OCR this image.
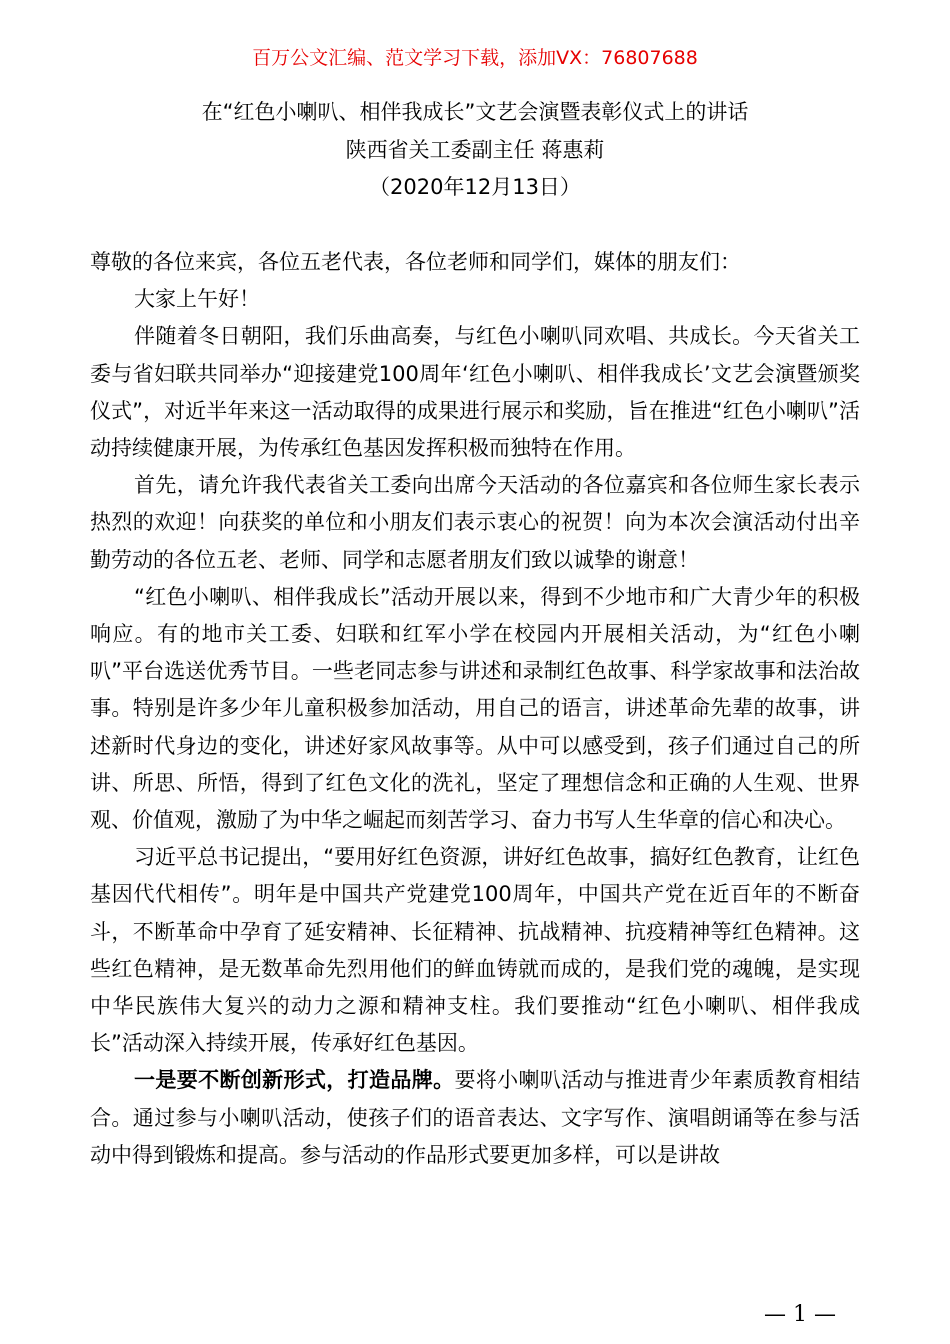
百万公文汇编、范文学习下载，添加VX：76807688
在“红色小喇叭、相伴我成长”文艺会演暨表彰仪式上的讲话
陕西省关工委副主任 蒋惠莉
（2020年12月13日）

尊敬的各位来宾，各位五老代表，各位老师和同学们，媒体的朋友们：

大家上午好！

伴随着冬日朝阳，我们乐曲高奏，与红色小喇叭同欢唱、共成长。今天省关工委与省妇联共同举办“迎接建党100周年‘红色小喇叭、相伴我成长’文艺会演暨颁奖仪式”，对近半年来这一活动取得的成果进行展示和奖励，旨在推进“红色小喇叭”活动持续健康开展，为传承红色基因发挥积极而独特在作用。

首先，请允许我代表省关工委向出席今天活动的各位嘉宾和各位师生家长表示热烈的欢迎！向获奖的单位和小朋友们表示衷心的祝贺！向为本次会演活动付出辛勤劳动的各位五老、老师、同学和志愿者朋友们致以诚挚的谢意！

“红色小喇叭、相伴我成长”活动开展以来，得到不少地市和广大青少年的积极响应。有的地市关工委、妇联和红军小学在校园内开展相关活动，为“红色小喇叭”平台选送优秀节目。一些老同志参与讲述和录制红色故事、科学家故事和法治故事。特别是许多少年儿童积极参加活动，用自己的语言，讲述革命先辈的故事，讲述新时代身边的变化，讲述好家风故事等。从中可以感受到，孩子们通过自己的所讲、所思、所悟，得到了红色文化的洗礼，坚定了理想信念和正确的人生观、世界观、价值观，激励了为中华之崛起而刻苦学习、奋力书写人生华章的信心和决心。

习近平总书记提出，“要用好红色资源，讲好红色故事，搞好红色教育，让红色基因代代相传”。明年是中国共产党建党100周年，中国共产党在近百年的不断奋斗，不断革命中孕育了延安精神、长征精神、抗战精神、抗疫精神等红色精神。这些红色精神，是无数革命先烈用他们的鲜血铸就而成的，是我们党的魂魄，是实现中华民族伟大复兴的动力之源和精神支柱。我们要推动“红色小喇叭、相伴我成长”活动深入持续开展，传承好红色基因。

一是要不断创新形式，打造品牌。要将小喇叭活动与推进青少年素质教育相结合。通过参与小喇叭活动，使孩子们的语音表达、文字写作、演唱朗诵等在参与活动中得到锻炼和提高。参与活动的作品形式要更加多样，可以是讲故

— 1 —
